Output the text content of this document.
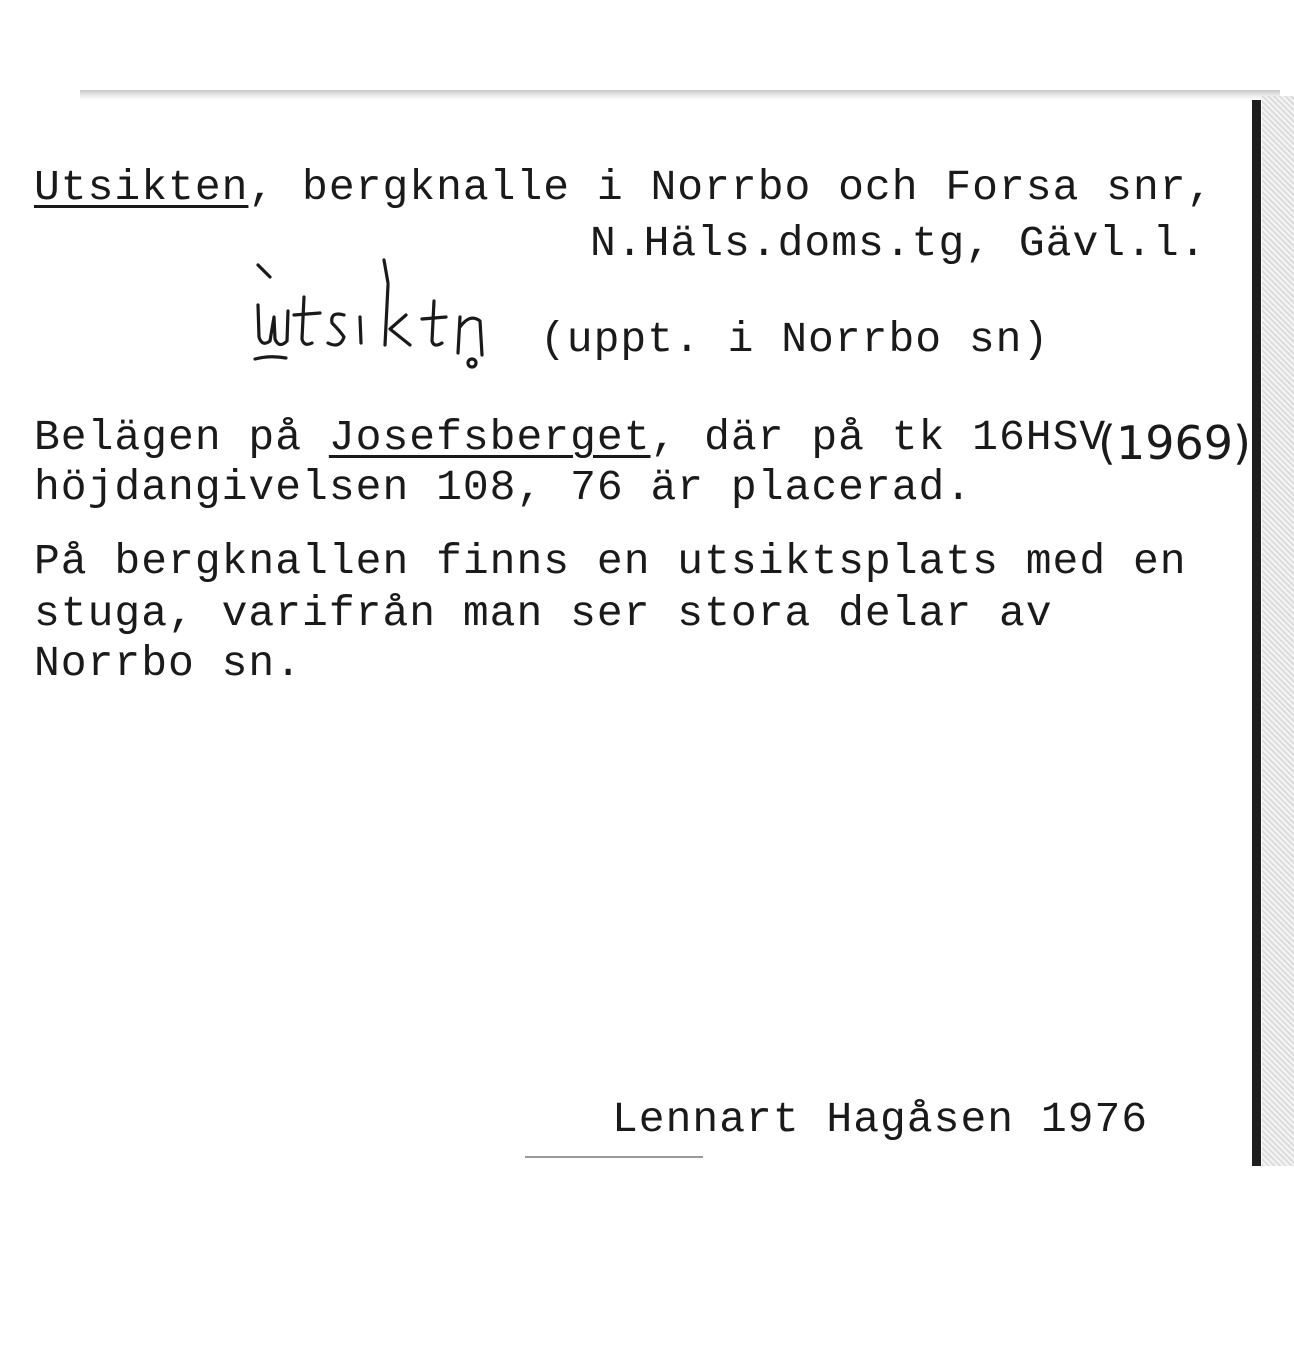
Utsikten, bergknalle i Norrbo och Forsa snr,
N.Häls.doms.tg, Gävl.l.
(uppt. i Norrbo sn)
Belägen på Josefsberget, där på tk 16HSV
(1969)
höjdangivelsen 108, 76 är placerad.
På bergknallen finns en utsiktsplats med en
stuga, varifrån man ser stora delar av
Norrbo sn.
Lennart Hagåsen 1976
